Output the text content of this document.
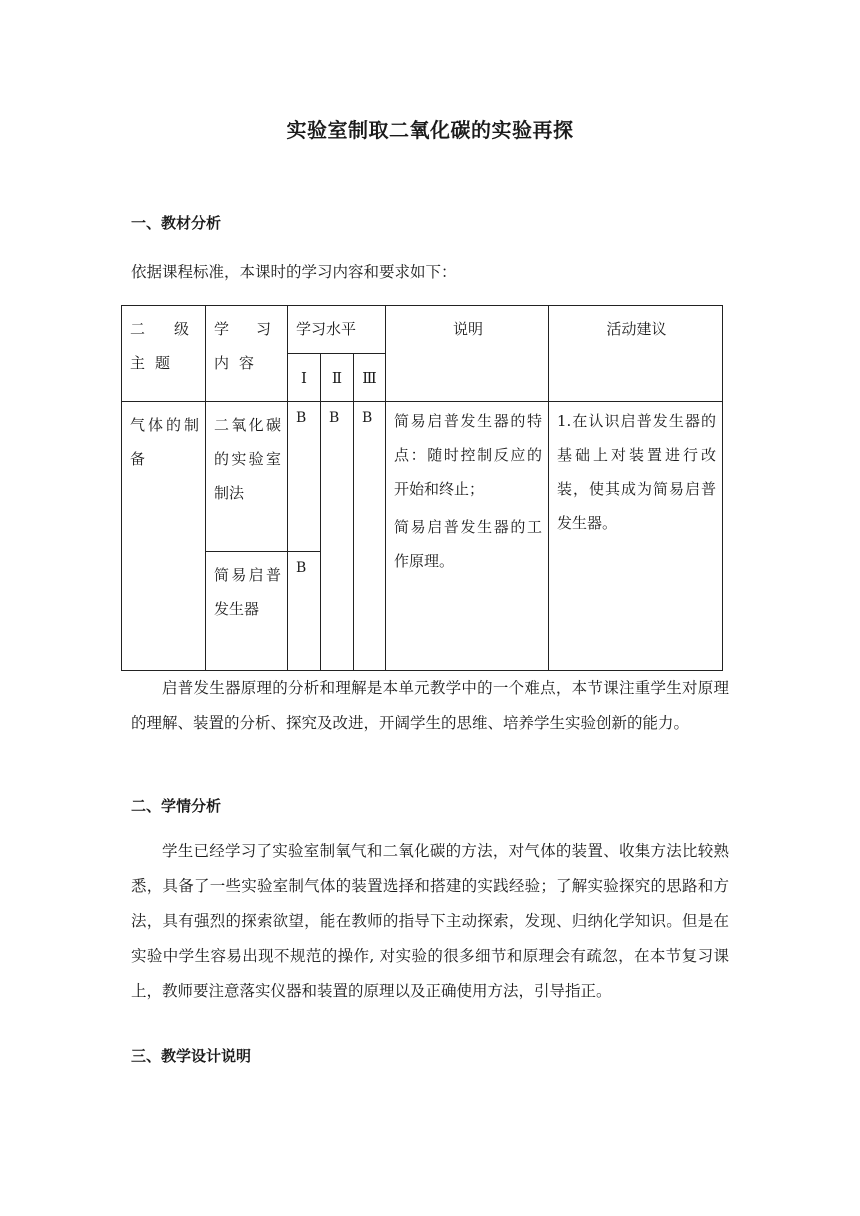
实验室制取二氧化碳的实验再探
一、教材分析
依据课程标准，本课时的学习内容和要求如下：
二级主题	学习内容	学习水平			说明	活动建议

		Ⅰ	Ⅱ	Ⅲ		

气体的制备	二氧化碳的实验室制法	B	B	B	简易启普发生器的特点：随时控制反应的开始和终止；
简易启普发生器的工作原理。	1.在认识启普发生器的基础上对装置进行改装，使其成为简易启普发生器。

	简易启普发生器	B				
启普发生器原理的分析和理解是本单元教学中的一个难点，本节课注重学生对原理的理解、装置的分析、探究及改进，开阔学生的思维、培养学生实验创新的能力。
二、学情分析
学生已经学习了实验室制氧气和二氧化碳的方法，对气体的装置、收集方法比较熟悉，具备了一些实验室制气体的装置选择和搭建的实践经验；了解实验探究的思路和方法，具有强烈的探索欲望，能在教师的指导下主动探索，发现、归纳化学知识。但是在实验中学生容易出现不规范的操作, 对实验的很多细节和原理会有疏忽，在本节复习课上，教师要注意落实仪器和装置的原理以及正确使用方法，引导指正。
三、教学设计说明
